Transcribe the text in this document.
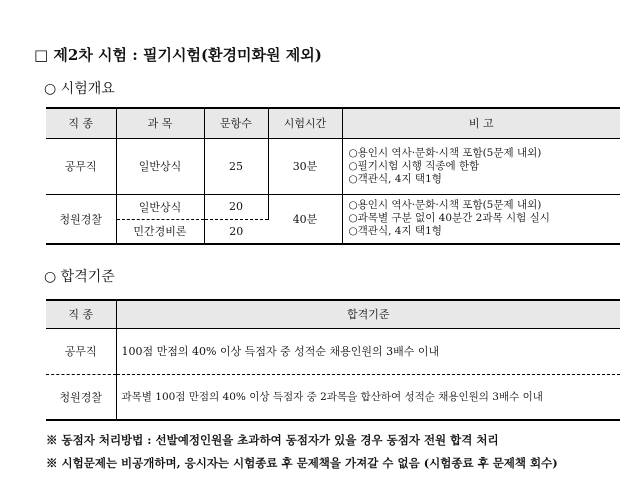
□ 제2차 시험 : 필기시험(환경미화원 제외)
○ 시험개요
직 종	과 목	문항수	시험시간	비 고
공무직	일반상식	25	30분	○용인시 역사·문화·시책 포함(5문제 내외)
○필기시험 시행 직종에 한함
○객관식, 4지 택1형

청원경찰	일반상식	20	40분	○용인시 역사·문화·시책 포함(5문제 내외)
○과목별 구분 없이 40분간 2과목 시험 실시
○객관식, 4지 택1형

	민간경비론	20		
○ 합격기준
직 종	합격기준
공무직	100점 만점의 40% 이상 득점자 중 성적순 채용인원의 3배수 이내
청원경찰	과목별 100점 만점의 40% 이상 득점자 중 2과목을 합산하여 성적순 채용인원의 3배수 이내
※ 동점자 처리방법 : 선발예정인원을 초과하여 동점자가 있을 경우 동점자 전원 합격 처리
※ 시험문제는 비공개하며, 응시자는 시험종료 후 문제책을 가져갈 수 없음 (시험종료 후 문제책 회수)
